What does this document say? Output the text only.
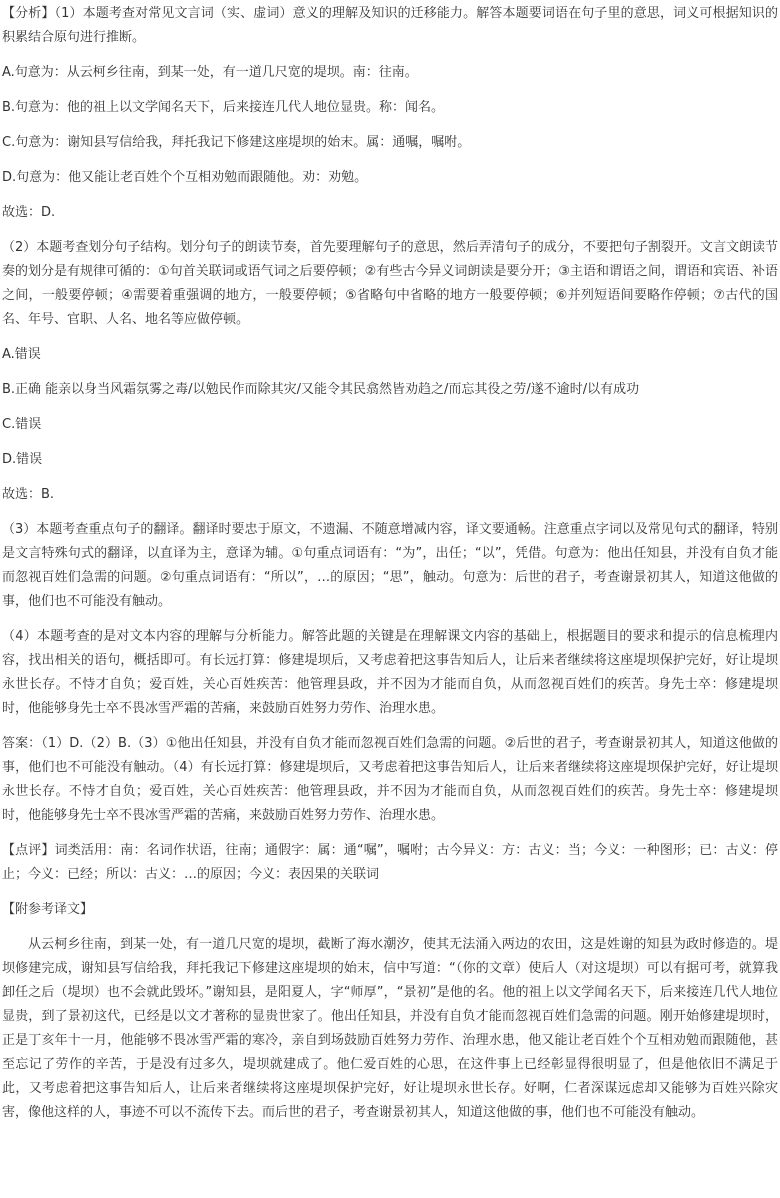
【分析】（1）本题考查对常见文言词（实、虚词）意义的理解及知识的迁移能力。解答本题要词语在句子里的意思，词义可根据知识的积累结合原句进行推断。

A.句意为：从云柯乡往南，到某一处，有一道几尺宽的堤坝。南：往南。

B.句意为：他的祖上以文学闻名天下，后来接连几代人地位显贵。称：闻名。

C.句意为：谢知县写信给我，拜托我记下修建这座堤坝的始末。属：通嘱，嘱咐。

D.句意为：他又能让老百姓个个互相劝勉而跟随他。劝：劝勉。

故选：D.

（2）本题考查划分句子结构。划分句子的朗读节奏，首先要理解句子的意思，然后弄清句子的成分，不要把句子割裂开。文言文朗读节奏的划分是有规律可循的：①句首关联词或语气词之后要停顿；②有些古今异义词朗读是要分开；③主语和谓语之间，谓语和宾语、补语之间，一般要停顿；④需要着重强调的地方，一般要停顿；⑤省略句中省略的地方一般要停顿；⑥并列短语间要略作停顿；⑦古代的国名、年号、官职、人名、地名等应做停顿。

A.错误

B.正确 能亲以身当风霜氛雾之毒/以勉民作而除其灾/又能令其民翕然皆劝趋之/而忘其役之劳/遂不逾时/以有成功

C.错误

D.错误

故选：B.

（3）本题考查重点句子的翻译。翻译时要忠于原文，不遗漏、不随意增减内容，译文要通畅。注意重点字词以及常见句式的翻译，特别是文言特殊句式的翻译，以直译为主，意译为辅。①句重点词语有：“为”，出任；“以”，凭借。句意为：他出任知县，并没有自负才能而忽视百姓们急需的问题。②句重点词语有：“所以”，…的原因；“思”，触动。句意为：后世的君子，考查谢景初其人，知道这他做的事，他们也不可能没有触动。

（4）本题考查的是对文本内容的理解与分析能力。解答此题的关键是在理解课文内容的基础上，根据题目的要求和提示的信息梳理内容，找出相关的语句，概括即可。有长远打算：修建堤坝后，又考虑着把这事告知后人，让后来者继续将这座堤坝保护完好，好让堤坝永世长存。不恃才自负；爱百姓，关心百姓疾苦：他管理县政，并不因为才能而自负，从而忽视百姓们的疾苦。身先士卒：修建堤坝时，他能够身先士卒不畏冰雪严霜的苦痛，来鼓励百姓努力劳作、治理水患。

答案：（1）D.（2）B.（3）①他出任知县，并没有自负才能而忽视百姓们急需的问题。②后世的君子，考查谢景初其人，知道这他做的事，他们也不可能没有触动。（4）有长远打算：修建堤坝后，又考虑着把这事告知后人，让后来者继续将这座堤坝保护完好，好让堤坝永世长存。不恃才自负；爱百姓，关心百姓疾苦：他管理县政，并不因为才能而自负，从而忽视百姓们的疾苦。身先士卒：修建堤坝时，他能够身先士卒不畏冰雪严霜的苦痛，来鼓励百姓努力劳作、治理水患。

【点评】词类活用：南：名词作状语，往南；通假字：属：通“嘱”，嘱咐；古今异义：方：古义：当；今义：一种图形；已：古义：停止；今义：已经；所以：古义：…的原因；今义：表因果的关联词

【附参考译文】

从云柯乡往南，到某一处，有一道几尺宽的堤坝，截断了海水潮汐，使其无法涌入两边的农田，这是姓谢的知县为政时修造的。堤坝修建完成，谢知县写信给我，拜托我记下修建这座堤坝的始末，信中写道：“（你的文章）使后人（对这堤坝）可以有据可考，就算我卸任之后（堤坝）也不会就此毁坏。”谢知县，是阳夏人，字“师厚”，“景初”是他的名。他的祖上以文学闻名天下，后来接连几代人地位显贵，到了景初这代，已经是以文才著称的显贵世家了。他出任知县，并没有自负才能而忽视百姓们急需的问题。刚开始修建堤坝时，正是丁亥年十一月，他能够不畏冰雪严霜的寒冷，亲自到场鼓励百姓努力劳作、治理水患，他又能让老百姓个个互相劝勉而跟随他，甚至忘记了劳作的辛苦，于是没有过多久，堤坝就建成了。他仁爱百姓的心思，在这件事上已经彰显得很明显了，但是他依旧不满足于此，又考虑着把这事告知后人，让后来者继续将这座堤坝保护完好，好让堤坝永世长存。好啊，仁者深谋远虑却又能够为百姓兴除灾害，像他这样的人，事迹不可以不流传下去。而后世的君子，考查谢景初其人，知道这他做的事，他们也不可能没有触动。
